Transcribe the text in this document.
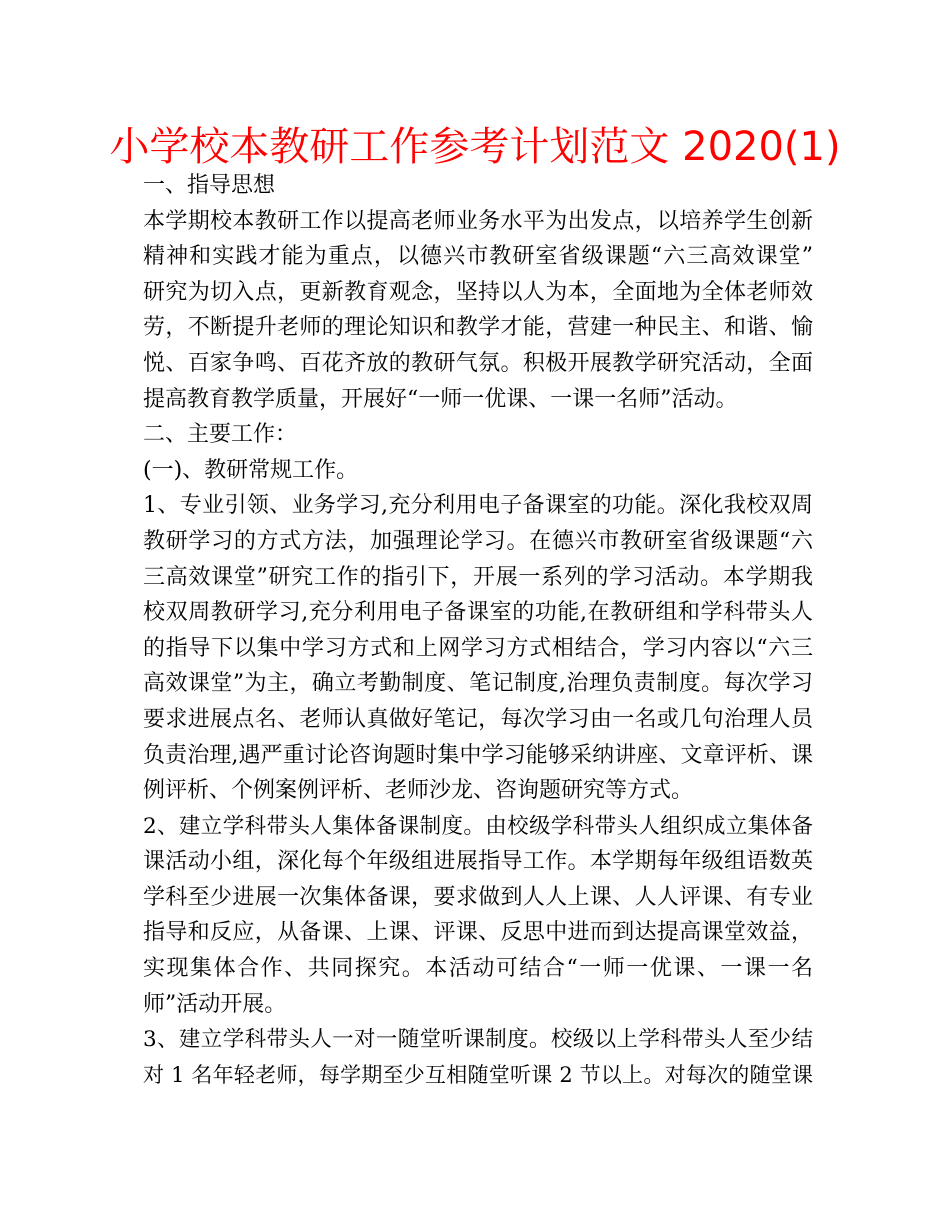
小学校本教研工作参考计划范文 2020(1)
一、指导思想
本学期校本教研工作以提高老师业务水平为出发点，以培养学生创新
精神和实践才能为重点，以德兴市教研室省级课题“六三高效课堂”
研究为切入点，更新教育观念，坚持以人为本，全面地为全体老师效
劳，不断提升老师的理论知识和教学才能，营建一种民主、和谐、愉
悦、百家争鸣、百花齐放的教研气氛。积极开展教学研究活动，全面
提高教育教学质量，开展好“一师一优课、一课一名师”活动。
二、主要工作：
(一)、教研常规工作。
1、专业引领、业务学习,充分利用电子备课室的功能。深化我校双周
教研学习的方式方法，加强理论学习。在德兴市教研室省级课题“六
三高效课堂”研究工作的指引下，开展一系列的学习活动。本学期我
校双周教研学习,充分利用电子备课室的功能,在教研组和学科带头人
的指导下以集中学习方式和上网学习方式相结合，学习内容以“六三
高效课堂”为主，确立考勤制度、笔记制度,治理负责制度。每次学习
要求进展点名、老师认真做好笔记，每次学习由一名或几句治理人员
负责治理,遇严重讨论咨询题时集中学习能够采纳讲座、文章评析、课
例评析、个例案例评析、老师沙龙、咨询题研究等方式。
2、建立学科带头人集体备课制度。由校级学科带头人组织成立集体备
课活动小组，深化每个年级组进展指导工作。本学期每年级组语数英
学科至少进展一次集体备课，要求做到人人上课、人人评课、有专业
指导和反应，从备课、上课、评课、反思中进而到达提高课堂效益，
实现集体合作、共同探究。本活动可结合“一师一优课、一课一名
师”活动开展。
3、建立学科带头人一对一随堂听课制度。校级以上学科带头人至少结
对 1 名年轻老师，每学期至少互相随堂听课 2 节以上。对每次的随堂课
